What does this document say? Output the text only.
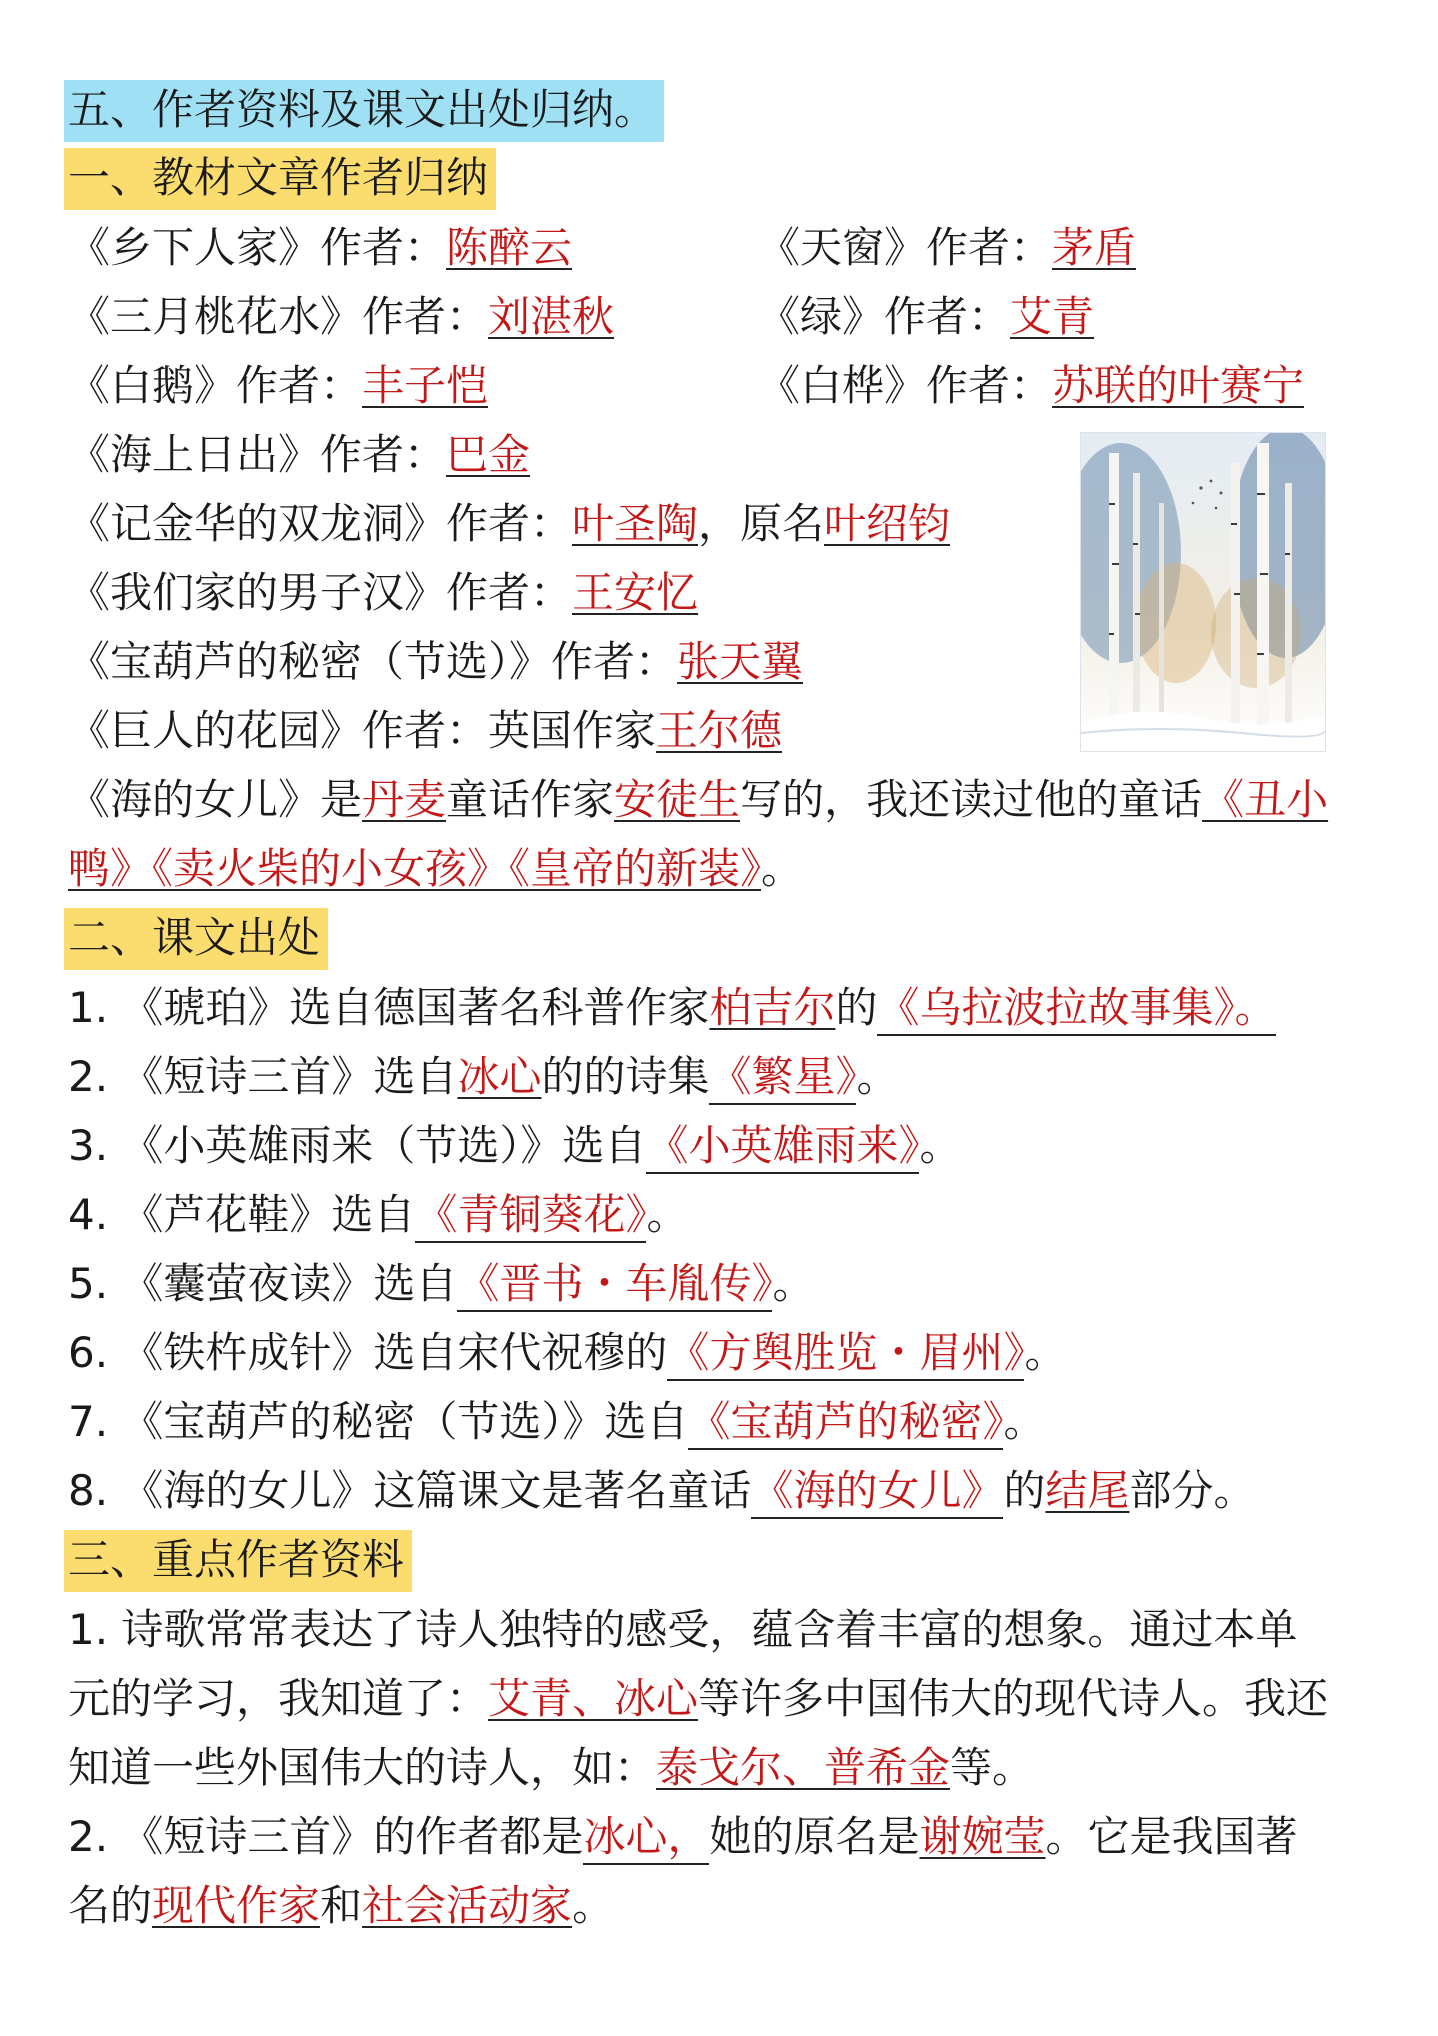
五、作者资料及课文出处归纳。
一、教材文章作者归纳
《乡下人家》作者：陈醉云	《天窗》作者：茅盾
《三月桃花水》作者：刘湛秋	《绿》作者：艾青
《白鹅》作者：丰子恺	《白桦》作者：苏联的叶赛宁
《海上日出》作者：巴金
《记金华的双龙洞》作者：叶圣陶，原名叶绍钧
《我们家的男子汉》作者：王安忆
《宝葫芦的秘密（节选）》作者：张天翼
《巨人的花园》作者：英国作家王尔德
《海的女儿》是丹麦童话作家安徒生写的，我还读过他的童话《丑小
鸭》《卖火柴的小女孩》《皇帝的新装》。
二、课文出处
1. 《琥珀》选自德国著名科普作家柏吉尔的《乌拉波拉故事集》。
2. 《短诗三首》选自冰心的的诗集《繁星》。
3. 《小英雄雨来（节选）》选自《小英雄雨来》。
4. 《芦花鞋》选自《青铜葵花》。
5. 《囊萤夜读》选自《晋书・车胤传》。
6. 《铁杵成针》选自宋代祝穆的《方舆胜览・眉州》。
7. 《宝葫芦的秘密（节选）》选自《宝葫芦的秘密》。
8. 《海的女儿》这篇课文是著名童话《海的女儿》的结尾部分。
三、重点作者资料
1. 诗歌常常表达了诗人独特的感受，蕴含着丰富的想象。通过本单
元的学习，我知道了：艾青、冰心等许多中国伟大的现代诗人。我还
知道一些外国伟大的诗人，如：泰戈尔、普希金等。
2. 《短诗三首》的作者都是冰心，她的原名是谢婉莹。它是我国著
名的现代作家和社会活动家。
